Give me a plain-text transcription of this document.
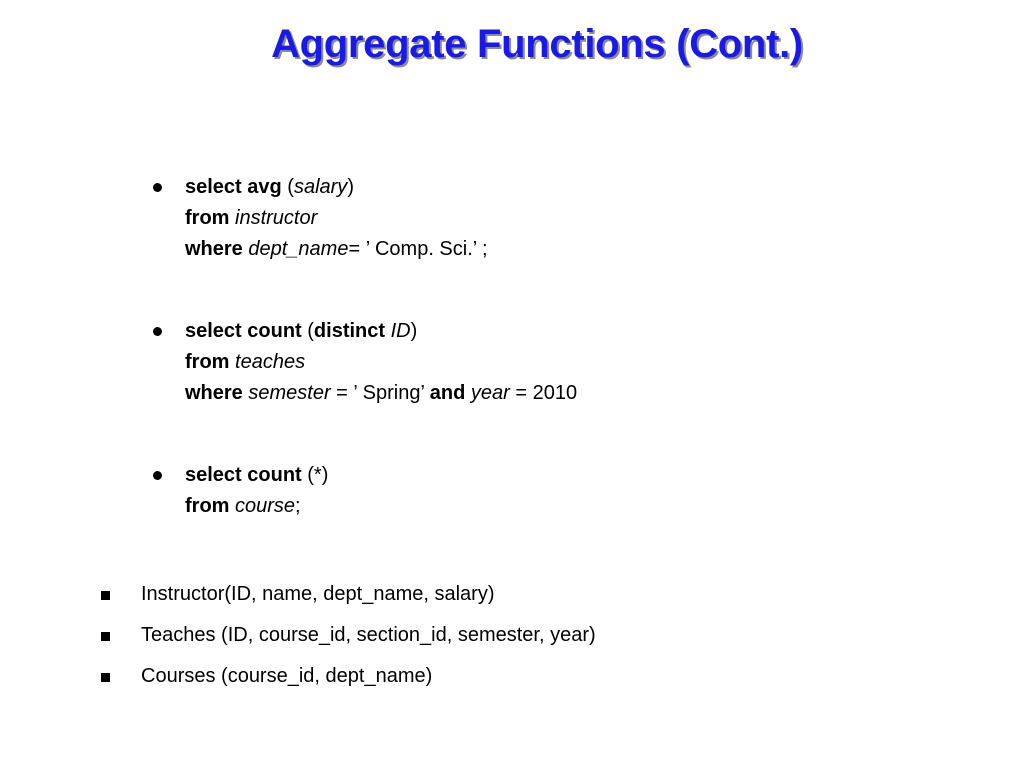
Aggregate Functions (Cont.)
select avg (salary)
from instructor
where dept_name= ’ Comp. Sci.’ ;
select count (distinct ID)
from teaches
where semester = ’ Spring’ and year = 2010
select count (*)
from course;
Instructor(ID, name, dept_name, salary)
Teaches (ID, course_id, section_id, semester, year)
Courses (course_id, dept_name)
